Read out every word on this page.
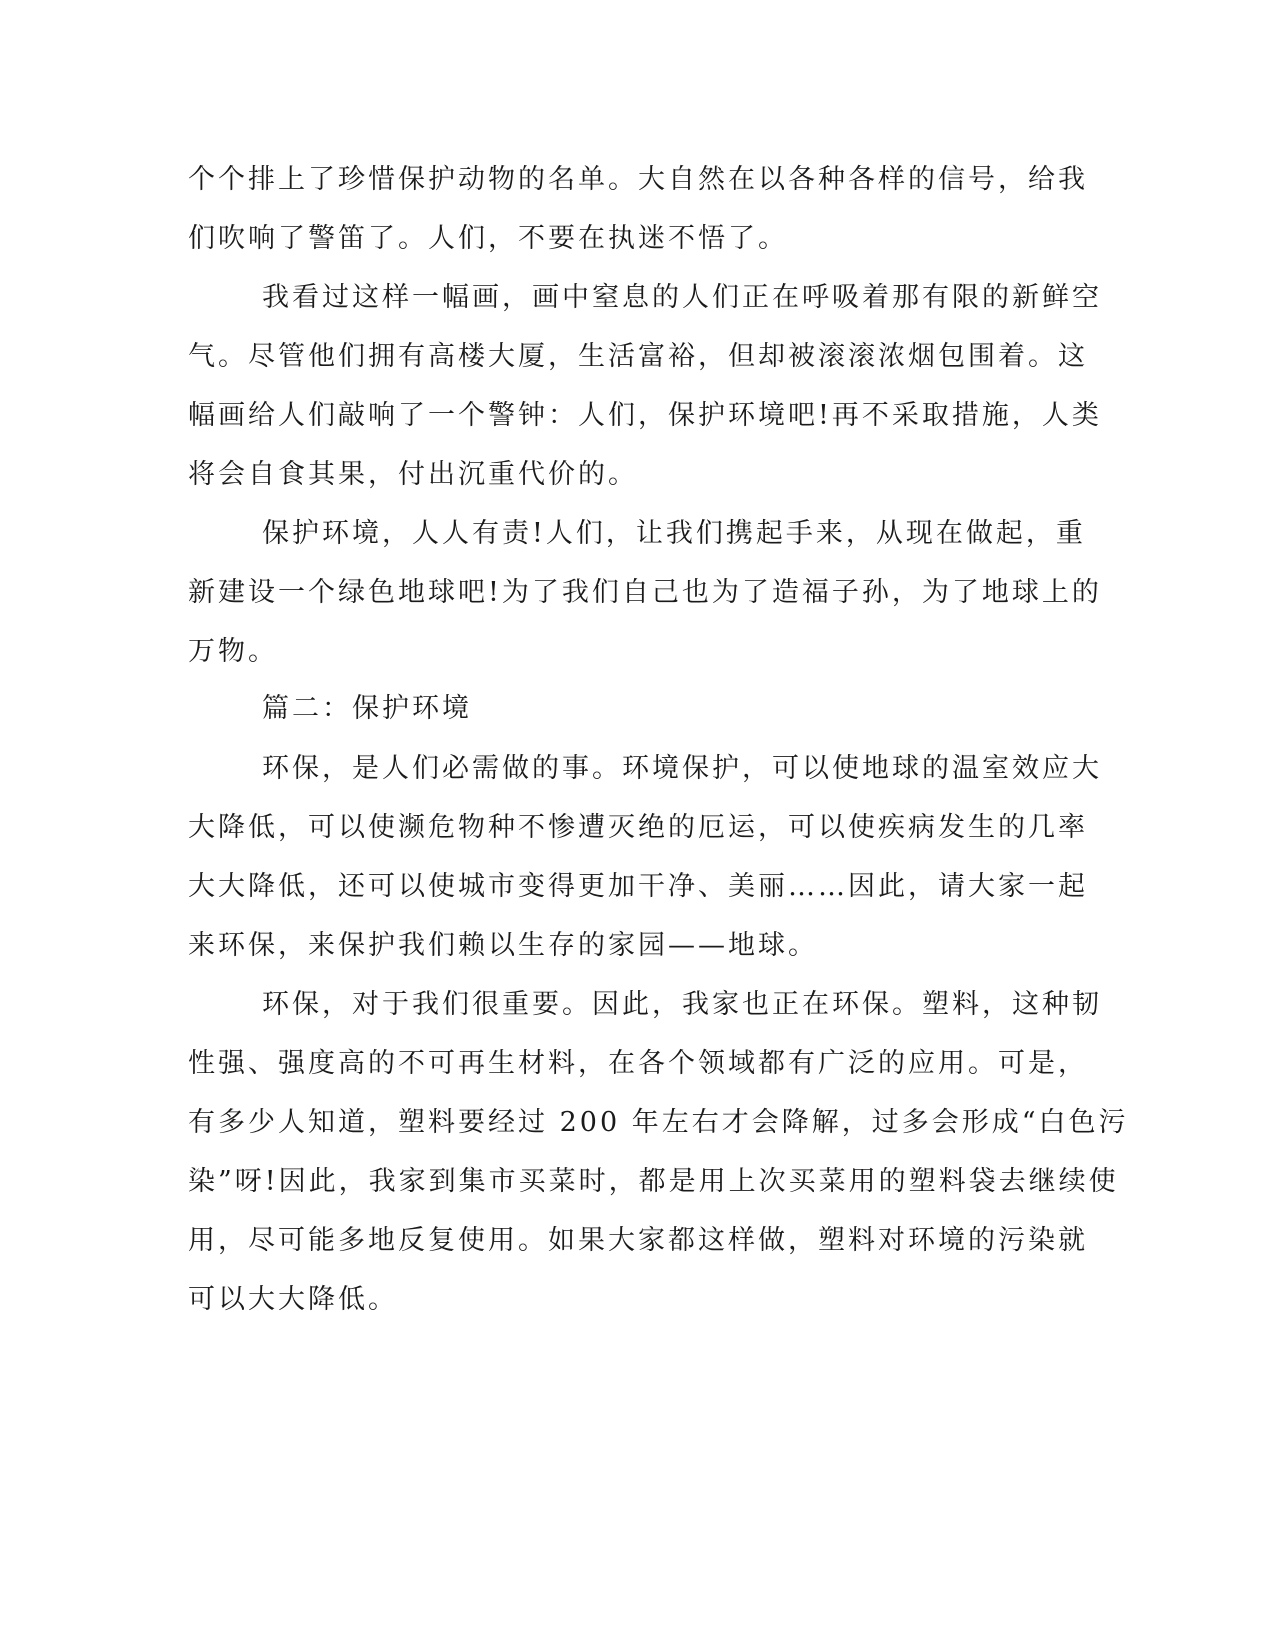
个个排上了珍惜保护动物的名单。大自然在以各种各样的信号，给我

们吹响了警笛了。人们，不要在执迷不悟了。

我看过这样一幅画，画中窒息的人们正在呼吸着那有限的新鲜空

气。尽管他们拥有高楼大厦，生活富裕，但却被滚滚浓烟包围着。这

幅画给人们敲响了一个警钟：人们，保护环境吧!再不采取措施，人类

将会自食其果，付出沉重代价的。

保护环境，人人有责!人们，让我们携起手来，从现在做起，重

新建设一个绿色地球吧!为了我们自己也为了造福子孙，为了地球上的

万物。

篇二：保护环境

环保，是人们必需做的事。环境保护，可以使地球的温室效应大

大降低，可以使濒危物种不惨遭灭绝的厄运，可以使疾病发生的几率

大大降低，还可以使城市变得更加干净、美丽……因此，请大家一起

来环保，来保护我们赖以生存的家园——地球。

环保，对于我们很重要。因此，我家也正在环保。塑料，这种韧

性强、强度高的不可再生材料，在各个领域都有广泛的应用。可是，

有多少人知道，塑料要经过 200 年左右才会降解，过多会形成“白色污

染”呀!因此，我家到集市买菜时，都是用上次买菜用的塑料袋去继续使

用，尽可能多地反复使用。如果大家都这样做，塑料对环境的污染就

可以大大降低。
